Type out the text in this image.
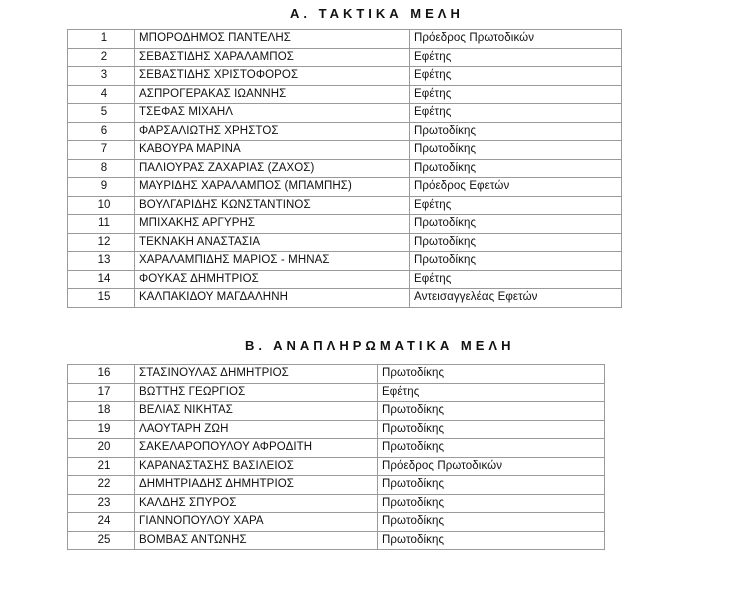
Α. ΤΑΚΤΙΚΑ ΜΕΛΗ
1	ΜΠΟΡΟΔΗΜΟΣ ΠΑΝΤΕΛΗΣ	Πρόεδρος Πρωτοδικών
2	ΣΕΒΑΣΤΙΔΗΣ ΧΑΡΑΛΑΜΠΟΣ	Εφέτης
3	ΣΕΒΑΣΤΙΔΗΣ ΧΡΙΣΤΟΦΟΡΟΣ	Εφέτης
4	ΑΣΠΡΟΓΕΡΑΚΑΣ ΙΩΑΝΝΗΣ	Εφέτης
5	ΤΣΕΦΑΣ ΜΙΧΑΗΛ	Εφέτης
6	ΦΑΡΣΑΛΙΩΤΗΣ ΧΡΗΣΤΟΣ	Πρωτοδίκης
7	ΚΑΒΟΥΡΑ ΜΑΡΙΝΑ	Πρωτοδίκης
8	ΠΑΛΙΟΥΡΑΣ ΖΑΧΑΡΙΑΣ (ΖΑΧΟΣ)	Πρωτοδίκης
9	ΜΑΥΡΙΔΗΣ ΧΑΡΑΛΑΜΠΟΣ (ΜΠΑΜΠΗΣ)	Πρόεδρος Εφετών
10	ΒΟΥΛΓΑΡΙΔΗΣ ΚΩΝΣΤΑΝΤΙΝΟΣ	Εφέτης
11	ΜΠΙΧΑΚΗΣ ΑΡΓΥΡΗΣ	Πρωτοδίκης
12	ΤΕΚΝΑΚΗ ΑΝΑΣΤΑΣΙΑ	Πρωτοδίκης
13	ΧΑΡΑΛΑΜΠΙΔΗΣ ΜΑΡΙΟΣ - ΜΗΝΑΣ	Πρωτοδίκης
14	ΦΟΥΚΑΣ ΔΗΜΗΤΡΙΟΣ	Εφέτης
15	ΚΑΛΠΑΚΙΔΟΥ ΜΑΓΔΑΛΗΝΗ	Αντεισαγγελέας Εφετών
Β. ΑΝΑΠΛΗΡΩΜΑΤΙΚΑ ΜΕΛΗ
16	ΣΤΑΣΙΝΟΥΛΑΣ ΔΗΜΗΤΡΙΟΣ	Πρωτοδίκης
17	ΒΩΤΤΗΣ ΓΕΩΡΓΙΟΣ	Εφέτης
18	ΒΕΛΙΑΣ ΝΙΚΗΤΑΣ	Πρωτοδίκης
19	ΛΑΟΥΤΑΡΗ ΖΩΗ	Πρωτοδίκης
20	ΣΑΚΕΛΑΡΟΠΟΥΛΟΥ ΑΦΡΟΔΙΤΗ	Πρωτοδίκης
21	ΚΑΡΑΝΑΣΤΑΣΗΣ ΒΑΣΙΛΕΙΟΣ	Πρόεδρος Πρωτοδικών
22	ΔΗΜΗΤΡΙΑΔΗΣ ΔΗΜΗΤΡΙΟΣ	Πρωτοδίκης
23	ΚΑΛΔΗΣ ΣΠΥΡΟΣ	Πρωτοδίκης
24	ΓΙΑΝΝΟΠΟΥΛΟΥ ΧΑΡΑ	Πρωτοδίκης
25	ΒΟΜΒΑΣ ΑΝΤΩΝΗΣ	Πρωτοδίκης
